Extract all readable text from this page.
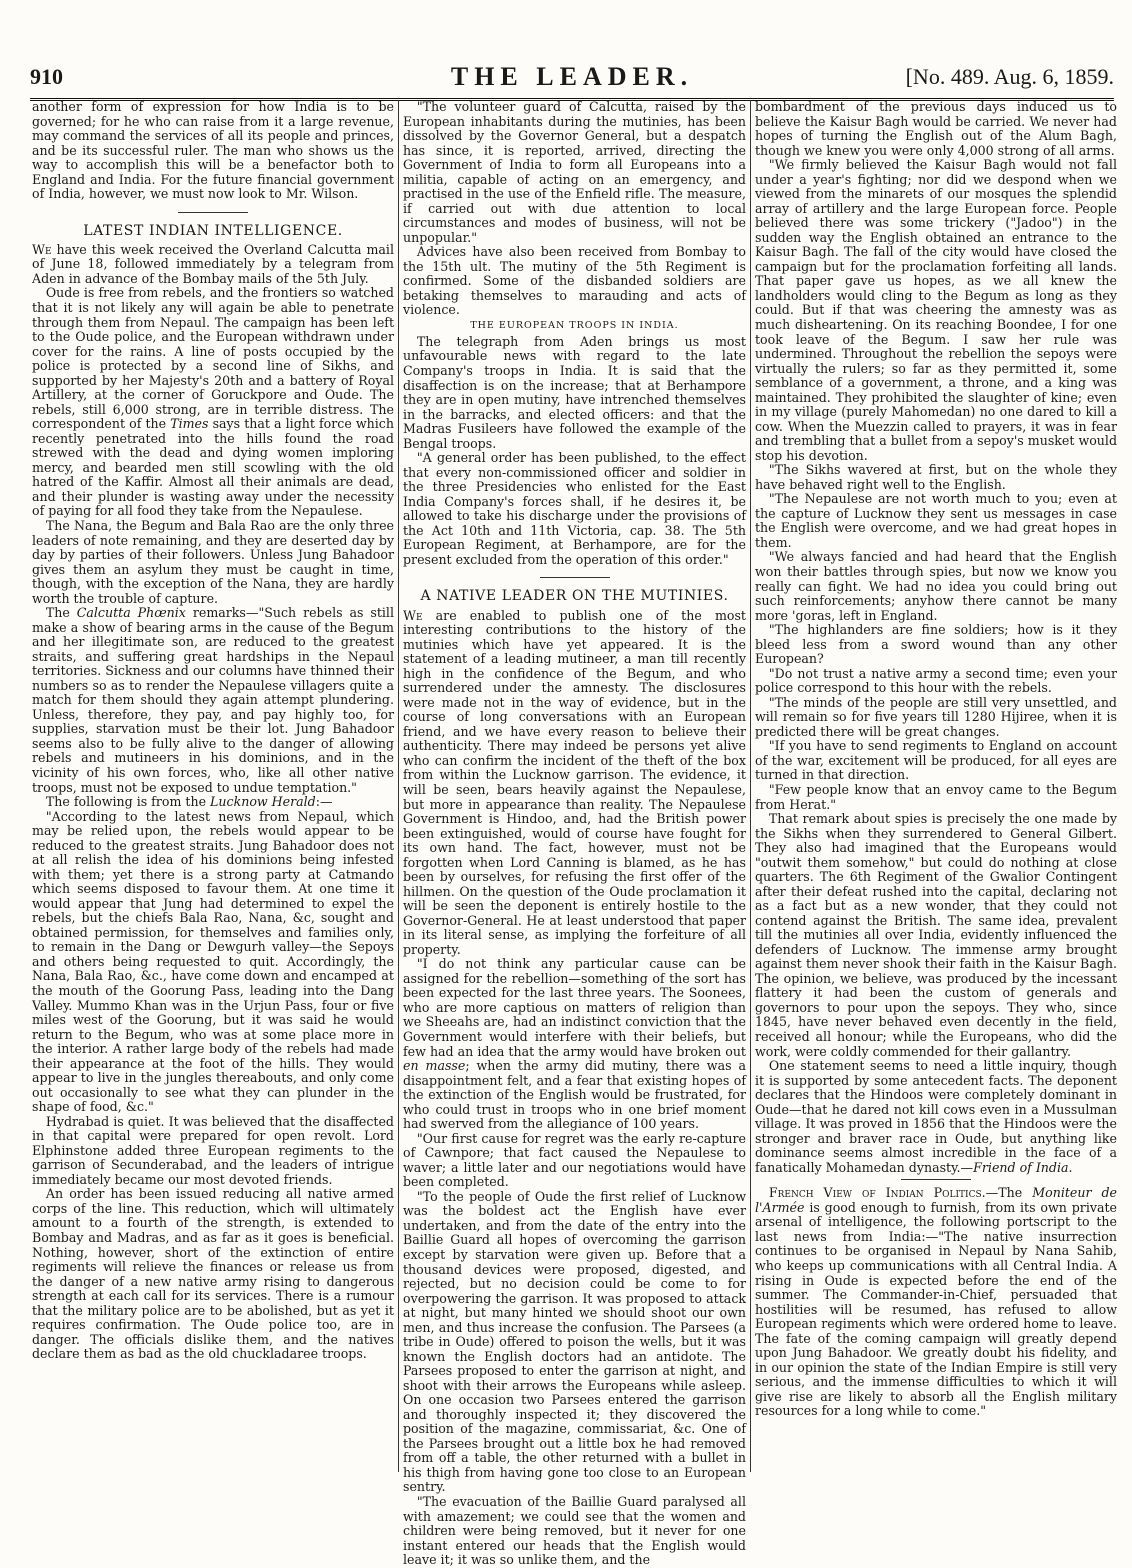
910	THE LEADER.	[No. 489. Aug. 6, 1859.

another form of expression for how India is to be governed; for he who can raise from it a large revenue, may command the services of all its people and princes, and be its successful ruler. The man who shows us the way to accomplish this will be a benefactor both to England and India. For the future financial government of India, however, we must now look to Mr. Wilson.

LATEST INDIAN INTELLIGENCE.

We have this week received the Overland Calcutta mail of June 18, followed immediately by a telegram from Aden in advance of the Bombay mails of the 5th July.

Oude is free from rebels, and the frontiers so watched that it is not likely any will again be able to penetrate through them from Nepaul. The campaign has been left to the Oude police, and the European withdrawn under cover for the rains. A line of posts occupied by the police is protected by a second line of Sikhs, and supported by her Majesty's 20th and a battery of Royal Artillery, at the corner of Goruckpore and Oude. The rebels, still 6,000 strong, are in terrible distress. The correspondent of the Times says that a light force which recently penetrated into the hills found the road strewed with the dead and dying women imploring mercy, and bearded men still scowling with the old hatred of the Kaffir. Almost all their animals are dead, and their plunder is wasting away under the necessity of paying for all food they take from the Nepaulese.

The Nana, the Begum and Bala Rao are the only three leaders of note remaining, and they are deserted day by day by parties of their followers. Unless Jung Bahadoor gives them an asylum they must be caught in time, though, with the exception of the Nana, they are hardly worth the trouble of capture.

The Calcutta Phœnix remarks—"Such rebels as still make a show of bearing arms in the cause of the Begum and her illegitimate son, are reduced to the greatest straits, and suffering great hardships in the Nepaul territories. Sickness and our columns have thinned their numbers so as to render the Nepaulese villagers quite a match for them should they again attempt plundering. Unless, therefore, they pay, and pay highly too, for supplies, starvation must be their lot. Jung Bahadoor seems also to be fully alive to the danger of allowing rebels and mutineers in his dominions, and in the vicinity of his own forces, who, like all other native troops, must not be exposed to undue temptation."

The following is from the Lucknow Herald:—

"According to the latest news from Nepaul, which may be relied upon, the rebels would appear to be reduced to the greatest straits. Jung Bahadoor does not at all relish the idea of his dominions being infested with them; yet there is a strong party at Catmando which seems disposed to favour them. At one time it would appear that Jung had determined to expel the rebels, but the chiefs Bala Rao, Nana, &c, sought and obtained permission, for themselves and families only, to remain in the Dang or Dewgurh valley—the Sepoys and others being requested to quit. Accordingly, the Nana, Bala Rao, &c., have come down and encamped at the mouth of the Goorung Pass, leading into the Dang Valley. Mummo Khan was in the Urjun Pass, four or five miles west of the Goorung, but it was said he would return to the Begum, who was at some place more in the interior. A rather large body of the rebels had made their appearance at the foot of the hills. They would appear to live in the jungles thereabouts, and only come out occasionally to see what they can plunder in the shape of food, &c."

Hydrabad is quiet. It was believed that the disaffected in that capital were prepared for open revolt. Lord Elphinstone added three European regiments to the garrison of Secunderabad, and the leaders of intrigue immediately became our most devoted friends.

An order has been issued reducing all native armed corps of the line. This reduction, which will ultimately amount to a fourth of the strength, is extended to Bombay and Madras, and as far as it goes is beneficial. Nothing, however, short of the extinction of entire regiments will relieve the finances or release us from the danger of a new native army rising to dangerous strength at each call for its services. There is a rumour that the military police are to be abolished, but as yet it requires confirmation. The Oude police too, are in danger. The officials dislike them, and the natives declare them as bad as the old chuckladaree troops.

"The volunteer guard of Calcutta, raised by the European inhabitants during the mutinies, has been dissolved by the Governor General, but a despatch has since, it is reported, arrived, directing the Government of India to form all Europeans into a militia, capable of acting on an emergency, and practised in the use of the Enfield rifle. The measure, if carried out with due attention to local circumstances and modes of business, will not be unpopular."

Advices have also been received from Bombay to the 15th ult. The mutiny of the 5th Regiment is confirmed. Some of the disbanded soldiers are betaking themselves to marauding and acts of violence.

THE EUROPEAN TROOPS IN INDIA.

The telegraph from Aden brings us most unfavourable news with regard to the late Company's troops in India. It is said that the disaffection is on the increase; that at Berhampore they are in open mutiny, have intrenched themselves in the barracks, and elected officers: and that the Madras Fusileers have followed the example of the Bengal troops.

"A general order has been published, to the effect that every non-commissioned officer and soldier in the three Presidencies who enlisted for the East India Company's forces shall, if he desires it, be allowed to take his discharge under the provisions of the Act 10th and 11th Victoria, cap. 38. The 5th European Regiment, at Berhampore, are for the present excluded from the operation of this order."

A NATIVE LEADER ON THE MUTINIES.

We are enabled to publish one of the most interesting contributions to the history of the mutinies which have yet appeared. It is the statement of a leading mutineer, a man till recently high in the confidence of the Begum, and who surrendered under the amnesty. The disclosures were made not in the way of evidence, but in the course of long conversations with an European friend, and we have every reason to believe their authenticity. There may indeed be persons yet alive who can confirm the incident of the theft of the box from within the Lucknow garrison. The evidence, it will be seen, bears heavily against the Nepaulese, but more in appearance than reality. The Nepaulese Government is Hindoo, and, had the British power been extinguished, would of course have fought for its own hand. The fact, however, must not be forgotten when Lord Canning is blamed, as he has been by ourselves, for refusing the first offer of the hillmen. On the question of the Oude proclamation it will be seen the deponent is entirely hostile to the Governor-General. He at least understood that paper in its literal sense, as implying the forfeiture of all property.

"I do not think any particular cause can be assigned for the rebellion—something of the sort has been expected for the last three years. The Soonees, who are more captious on matters of religion than we Sheeahs are, had an indistinct conviction that the Government would interfere with their beliefs, but few had an idea that the army would have broken out en masse; when the army did mutiny, there was a disappointment felt, and a fear that existing hopes of the extinction of the English would be frustrated, for who could trust in troops who in one brief moment had swerved from the allegiance of 100 years.

"Our first cause for regret was the early re-capture of Cawnpore; that fact caused the Nepaulese to waver; a little later and our negotiations would have been completed.

"To the people of Oude the first relief of Lucknow was the boldest act the English have ever undertaken, and from the date of the entry into the Baillie Guard all hopes of overcoming the garrison except by starvation were given up. Before that a thousand devices were proposed, digested, and rejected, but no decision could be come to for overpowering the garrison. It was proposed to attack at night, but many hinted we should shoot our own men, and thus increase the confusion. The Parsees (a tribe in Oude) offered to poison the wells, but it was known the English doctors had an antidote. The Parsees proposed to enter the garrison at night, and shoot with their arrows the Europeans while asleep. On one occasion two Parsees entered the garrison and thoroughly inspected it; they discovered the position of the magazine, commissariat, &c. One of the Parsees brought out a little box he had removed from off a table, the other returned with a bullet in his thigh from having gone too close to an European sentry.

"The evacuation of the Baillie Guard paralysed all with amazement; we could see that the women and children were being removed, but it never for one instant entered our heads that the English would leave it; it was so unlike them, and the

bombardment of the previous days induced us to believe the Kaisur Bagh would be carried. We never had hopes of turning the English out of the Alum Bagh, though we knew you were only 4,000 strong of all arms.

"We firmly believed the Kaisur Bagh would not fall under a year's fighting; nor did we despond when we viewed from the minarets of our mosques the splendid array of artillery and the large European force. People believed there was some trickery ("Jadoo") in the sudden way the English obtained an entrance to the Kaisur Bagh. The fall of the city would have closed the campaign but for the proclamation forfeiting all lands. That paper gave us hopes, as we all knew the landholders would cling to the Begum as long as they could. But if that was cheering the amnesty was as much disheartening. On its reaching Boondee, I for one took leave of the Begum. I saw her rule was undermined. Throughout the rebellion the sepoys were virtually the rulers; so far as they permitted it, some semblance of a government, a throne, and a king was maintained. They prohibited the slaughter of kine; even in my village (purely Mahomedan) no one dared to kill a cow. When the Muezzin called to prayers, it was in fear and trembling that a bullet from a sepoy's musket would stop his devotion.

"The Sikhs wavered at first, but on the whole they have behaved right well to the English.

"The Nepaulese are not worth much to you; even at the capture of Lucknow they sent us messages in case the English were overcome, and we had great hopes in them.

"We always fancied and had heard that the English won their battles through spies, but now we know you really can fight. We had no idea you could bring out such reinforcements; anyhow there cannot be many more 'goras, left in England.

"The highlanders are fine soldiers; how is it they bleed less from a sword wound than any other European?

"Do not trust a native army a second time; even your police correspond to this hour with the rebels.

"The minds of the people are still very unsettled, and will remain so for five years till 1280 Hijiree, when it is predicted there will be great changes.

"If you have to send regiments to England on account of the war, excitement will be produced, for all eyes are turned in that direction.

"Few people know that an envoy came to the Begum from Herat."

That remark about spies is precisely the one made by the Sikhs when they surrendered to General Gilbert. They also had imagined that the Europeans would "outwit them somehow," but could do nothing at close quarters. The 6th Regiment of the Gwalior Contingent after their defeat rushed into the capital, declaring not as a fact but as a new wonder, that they could not contend against the British. The same idea, prevalent till the mutinies all over India, evidently influenced the defenders of Lucknow. The immense army brought against them never shook their faith in the Kaisur Bagh. The opinion, we believe, was produced by the incessant flattery it had been the custom of generals and governors to pour upon the sepoys. They who, since 1845, have never behaved even decently in the field, received all honour; while the Europeans, who did the work, were coldly commended for their gallantry.

One statement seems to need a little inquiry, though it is supported by some antecedent facts. The deponent declares that the Hindoos were completely dominant in Oude—that he dared not kill cows even in a Mussulman village. It was proved in 1856 that the Hindoos were the stronger and braver race in Oude, but anything like dominance seems almost incredible in the face of a fanatically Mohamedan dynasty.—Friend of India.

French View of Indian Politics.—The Moniteur de l'Armée is good enough to furnish, from its own private arsenal of intelligence, the following portscript to the last news from India:—"The native insurrection continues to be organised in Nepaul by Nana Sahib, who keeps up communications with all Central India. A rising in Oude is expected before the end of the summer. The Commander-in-Chief, persuaded that hostilities will be resumed, has refused to allow European regiments which were ordered home to leave. The fate of the coming campaign will greatly depend upon Jung Bahadoor. We greatly doubt his fidelity, and in our opinion the state of the Indian Empire is still very serious, and the immense difficulties to which it will give rise are likely to absorb all the English military resources for a long while to come."
